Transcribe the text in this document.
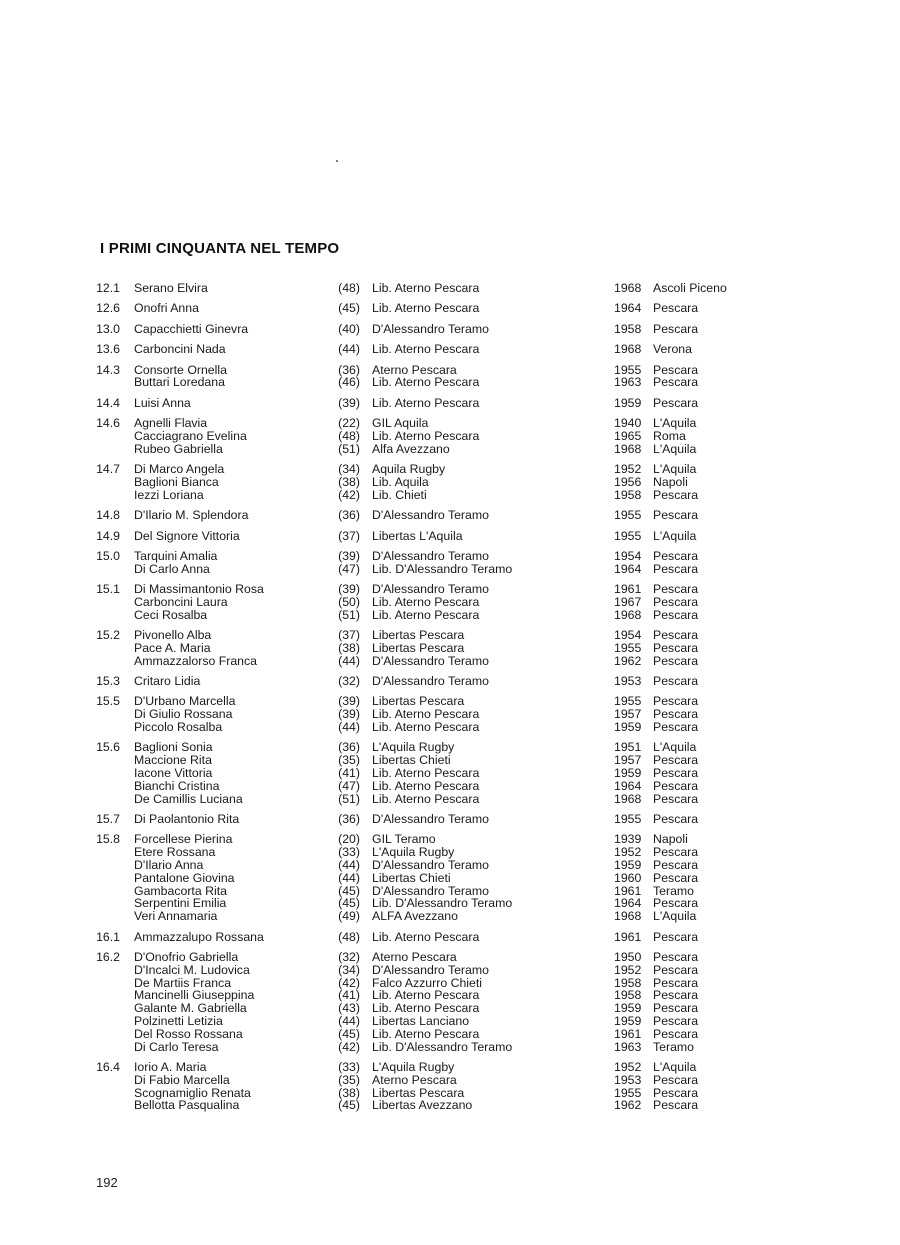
I PRIMI CINQUANTA NEL TEMPO
12.1 Serano Elvira	(48) Lib. Aterno Pescara	1968 Ascoli Piceno
12.6 Onofri Anna	(45) Lib. Aterno Pescara	1964 Pescara
13.0 Capacchietti Ginevra	(40) D'Alessandro Teramo	1958 Pescara
13.6 Carboncini Nada	(44) Lib. Aterno Pescara	1968 Verona
14.3 Consorte Ornella	(36) Aterno Pescara	1955 Pescara
Buttari Loredana	(46) Lib. Aterno Pescara	1963 Pescara
14.4 Luisi Anna	(39) Lib. Aterno Pescara	1959 Pescara
14.6 Agnelli Flavia	(22) GIL Aquila	1940 L'Aquila
Cacciagrano Evelina	(48) Lib. Aterno Pescara	1965 Roma
Rubeo Gabriella	(51) Alfa Avezzano	1968 L'Aquila
14.7 Di Marco Angela	(34) Aquila Rugby	1952 L'Aquila
Baglioni Bianca	(38) Lib. Aquila	1956 Napoli
Iezzi Loriana	(42) Lib. Chieti	1958 Pescara
14.8 D'Ilario M. Splendora	(36) D'Alessandro Teramo	1955 Pescara
14.9 Del Signore Vittoria	(37) Libertas L'Aquila	1955 L'Aquila
15.0 Tarquini Amalia	(39) D'Alessandro Teramo	1954 Pescara
Di Carlo Anna	(47) Lib. D'Alessandro Teramo	1964 Pescara
15.1 Di Massimantonio Rosa	(39) D'Alessandro Teramo	1961 Pescara
Carboncini Laura	(50) Lib. Aterno Pescara	1967 Pescara
Ceci Rosalba	(51) Lib. Aterno Pescara	1968 Pescara
15.2 Pivonello Alba	(37) Libertas Pescara	1954 Pescara
Pace A. Maria	(38) Libertas Pescara	1955 Pescara
Ammazzalorso Franca	(44) D'Alessandro Teramo	1962 Pescara
15.3 Critaro Lidia	(32) D'Alessandro Teramo	1953 Pescara
15.5 D'Urbano Marcella	(39) Libertas Pescara	1955 Pescara
Di Giulio Rossana	(39) Lib. Aterno Pescara	1957 Pescara
Piccolo Rosalba	(44) Lib. Aterno Pescara	1959 Pescara
15.6 Baglioni Sonia	(36) L'Aquila Rugby	1951 L'Aquila
Maccione Rita	(35) Libertas Chieti	1957 Pescara
Iacone Vittoria	(41) Lib. Aterno Pescara	1959 Pescara
Bianchi Cristina	(47) Lib. Aterno Pescara	1964 Pescara
De Camillis Luciana	(51) Lib. Aterno Pescara	1968 Pescara
15.7 Di Paolantonio Rita	(36) D'Alessandro Teramo	1955 Pescara
15.8 Forcellese Pierina	(20) GIL Teramo	1939 Napoli
Etere Rossana	(33) L'Aquila Rugby	1952 Pescara
D'Ilario Anna	(44) D'Alessandro Teramo	1959 Pescara
Pantalone Giovina	(44) Libertas Chieti	1960 Pescara
Gambacorta Rita	(45) D'Alessandro Teramo	1961 Teramo
Serpentini Emilia	(45) Lib. D'Alessandro Teramo	1964 Pescara
Veri Annamaria	(49) ALFA Avezzano	1968 L'Aquila
16.1 Ammazzalupo Rossana	(48) Lib. Aterno Pescara	1961 Pescara
16.2 D'Onofrio Gabriella	(32) Aterno Pescara	1950 Pescara
D'Incalci M. Ludovica	(34) D'Alessandro Teramo	1952 Pescara
De Martiis Franca	(42) Falco Azzurro Chieti	1958 Pescara
Mancinelli Giuseppina	(41) Lib. Aterno Pescara	1958 Pescara
Galante M. Gabriella	(43) Lib. Aterno Pescara	1959 Pescara
Polzinetti Letizia	(44) Libertas Lanciano	1959 Pescara
Del Rosso Rossana	(45) Lib. Aterno Pescara	1961 Pescara
Di Carlo Teresa	(42) Lib. D'Alessandro Teramo	1963 Teramo
16.4 Iorio A. Maria	(33) L'Aquila Rugby	1952 L'Aquila
Di Fabio Marcella	(35) Aterno Pescara	1953 Pescara
Scognamiglio Renata	(38) Libertas Pescara	1955 Pescara
Bellotta Pasqualina	(45) Libertas Avezzano	1962 Pescara
192
